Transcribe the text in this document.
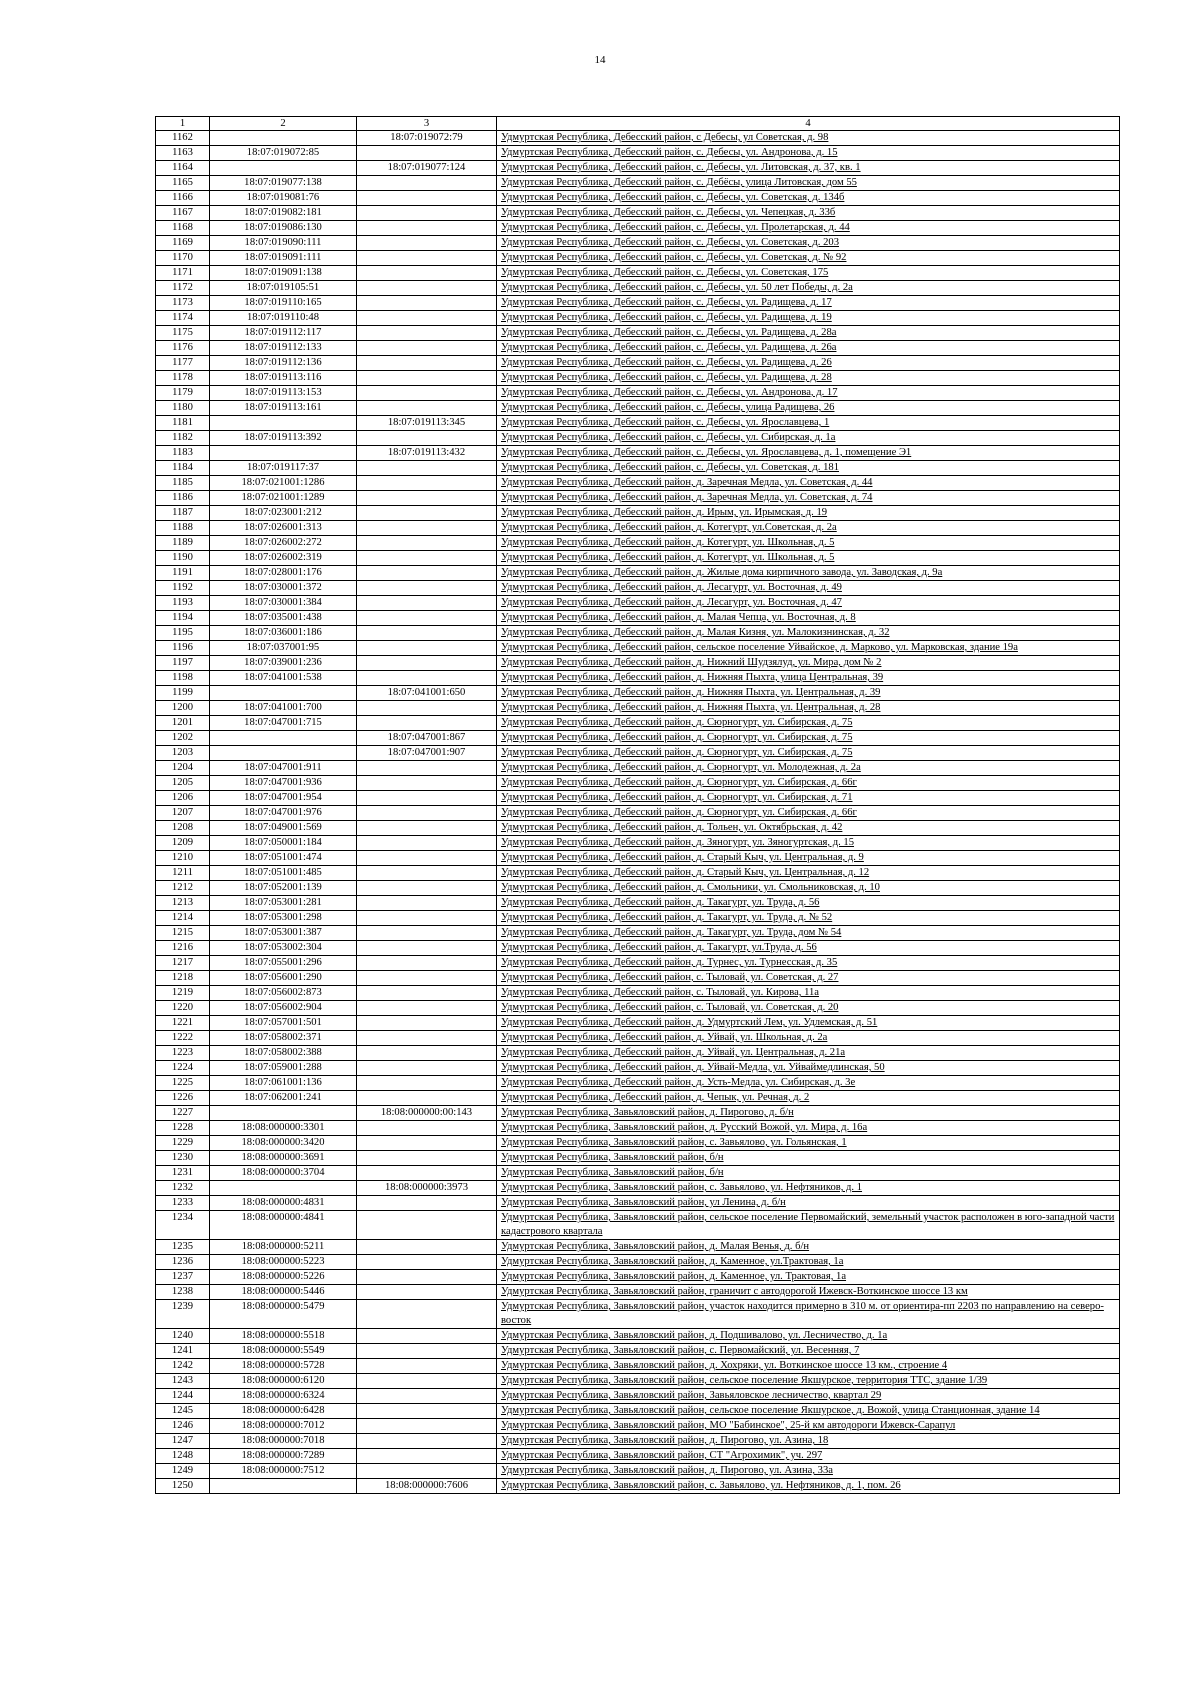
14
1	2	3	4
1162		18:07:019072:79	Удмуртская Республика, Дебесский район, с Дебесы, ул Советская, д. 98
1163	18:07:019072:85		Удмуртская Республика, Дебесский район, с. Дебесы, ул. Андронова, д. 15
1164		18:07:019077:124	Удмуртская Республика, Дебесский район, с. Дебесы, ул. Литовская, д. 37, кв. 1
1165	18:07:019077:138		Удмуртская Республика, Дебесский район, с. Дебёсы, улица Литовская, дом 55
1166	18:07:019081:76		Удмуртская Республика, Дебесский район, с. Дебесы, ул. Советская, д. 134б
1167	18:07:019082:181		Удмуртская Республика, Дебесский район, с. Дебесы, ул. Чепецкая, д. 33б
1168	18:07:019086:130		Удмуртская Республика, Дебесский район, с. Дебесы, ул. Пролетарская, д. 44
1169	18:07:019090:111		Удмуртская Республика, Дебесский район, с. Дебесы, ул. Советская, д. 203
1170	18:07:019091:111		Удмуртская Республика, Дебесский район, с. Дебесы, ул. Советская, д. № 92
1171	18:07:019091:138		Удмуртская Республика, Дебесский район, с. Дебесы, ул. Советская, 175
1172	18:07:019105:51		Удмуртская Республика, Дебесский район, с. Дебесы, ул. 50 лет Победы, д. 2а
1173	18:07:019110:165		Удмуртская Республика, Дебесский район, с. Дебесы, ул. Радищева, д. 17
1174	18:07:019110:48		Удмуртская Республика, Дебесский район, с. Дебесы, ул. Радищева, д. 19
1175	18:07:019112:117		Удмуртская Республика, Дебесский район, с. Дебесы, ул. Радищева, д. 28а
1176	18:07:019112:133		Удмуртская Республика, Дебесский район, с. Дебесы, ул. Радищева, д. 26а
1177	18:07:019112:136		Удмуртская Республика, Дебесский район, с. Дебесы, ул. Радищева, д. 26
1178	18:07:019113:116		Удмуртская Республика, Дебесский район, с. Дебесы, ул. Радищева, д. 28
1179	18:07:019113:153		Удмуртская Республика, Дебесский район, с. Дебесы, ул. Андронова, д. 17
1180	18:07:019113:161		Удмуртская Республика, Дебесский район, с. Дебесы, улица Радищева, 26
1181		18:07:019113:345	Удмуртская Республика, Дебесский район, с. Дебесы, ул. Ярославцева, 1
1182	18:07:019113:392		Удмуртская Республика, Дебесский район, с. Дебесы, ул. Сибирская, д. 1а
1183		18:07:019113:432	Удмуртская Республика, Дебесский район, с. Дебесы, ул. Ярославцева, д. 1, помещение Э1
1184	18:07:019117:37		Удмуртская Республика, Дебесский район, с. Дебесы, ул. Советская, д. 181
1185	18:07:021001:1286		Удмуртская Республика, Дебесский район, д. Заречная Медла, ул. Советская, д. 44
1186	18:07:021001:1289		Удмуртская Республика, Дебесский район, д. Заречная Медла, ул. Советская, д. 74
1187	18:07:023001:212		Удмуртская Республика, Дебесский район, д. Ирым, ул. Ирымская, д. 19
1188	18:07:026001:313		Удмуртская Республика, Дебесский район, д. Котегурт, ул.Советская, д. 2а
1189	18:07:026002:272		Удмуртская Республика, Дебесский район, д. Котегурт, ул. Школьная, д. 5
1190	18:07:026002:319		Удмуртская Республика, Дебесский район, д. Котегурт, ул. Школьная, д. 5
1191	18:07:028001:176		Удмуртская Республика, Дебесский район, д. Жилые дома кирпичного завода, ул. Заводская, д. 9а
1192	18:07:030001:372		Удмуртская Республика, Дебесский район, д. Лесагурт, ул. Восточная, д. 49
1193	18:07:030001:384		Удмуртская Республика, Дебесский район, д. Лесагурт, ул. Восточная, д. 47
1194	18:07:035001:438		Удмуртская Республика, Дебесский район, д. Малая Чепца, ул. Восточная, д. 8
1195	18:07:036001:186		Удмуртская Республика, Дебесский район, д. Малая Кизня, ул. Малокизнинская, д. 32
1196	18:07:037001:95		Удмуртская Республика, Дебесский район, сельское поселение Уйвайское, д. Марково, ул. Марковская, здание 19а
1197	18:07:039001:236		Удмуртская Республика, Дебесский район, д. Нижний Шудзялуд, ул. Мира, дом № 2
1198	18:07:041001:538		Удмуртская Республика, Дебесский район, д. Нижняя Пыхта, улица Центральная, 39
1199		18:07:041001:650	Удмуртская Республика, Дебесский район, д. Нижняя Пыхта, ул. Центральная, д. 39
1200	18:07:041001:700		Удмуртская Республика, Дебесский район, д. Нижняя Пыхта, ул. Центральная, д. 28
1201	18:07:047001:715		Удмуртская Республика, Дебесский район, д. Сюрногурт, ул. Сибирская, д. 75
1202		18:07:047001:867	Удмуртская Республика, Дебесский район, д. Сюрногурт, ул. Сибирская, д. 75
1203		18:07:047001:907	Удмуртская Республика, Дебесский район, д. Сюрногурт, ул. Сибирская, д. 75
1204	18:07:047001:911		Удмуртская Республика, Дебесский район, д. Сюрногурт, ул. Молодежная, д. 2а
1205	18:07:047001:936		Удмуртская Республика, Дебесский район, д. Сюрногурт, ул. Сибирская, д. 66г
1206	18:07:047001:954		Удмуртская Республика, Дебесский район, д. Сюрногурт, ул. Сибирская, д. 71
1207	18:07:047001:976		Удмуртская Республика, Дебесский район, д. Сюрногурт, ул. Сибирская, д. 66г
1208	18:07:049001:569		Удмуртская Республика, Дебесский район, д. Тольен, ул. Октябрьская, д. 42
1209	18:07:050001:184		Удмуртская Республика, Дебесский район, д. Зяногурт, ул. Зяногуртская, д. 15
1210	18:07:051001:474		Удмуртская Республика, Дебесский район, д. Старый Кыч, ул. Центральная, д. 9
1211	18:07:051001:485		Удмуртская Республика, Дебесский район, д. Старый Кыч, ул. Центральная, д. 12
1212	18:07:052001:139		Удмуртская Республика, Дебесский район, д. Смольники, ул. Смольниковская, д. 10
1213	18:07:053001:281		Удмуртская Республика, Дебесский район, д. Такагурт, ул. Труда, д. 56
1214	18:07:053001:298		Удмуртская Республика, Дебесский район, д. Такагурт, ул. Труда, д. № 52
1215	18:07:053001:387		Удмуртская Республика, Дебесский район, д. Такагурт, ул. Труда, дом № 54
1216	18:07:053002:304		Удмуртская Республика, Дебесский район, д. Такагурт, ул.Труда, д. 56
1217	18:07:055001:296		Удмуртская Республика, Дебесский район, д. Турнес, ул. Турнесская, д. 35
1218	18:07:056001:290		Удмуртская Республика, Дебесский район, с. Тыловай, ул. Советская, д. 27
1219	18:07:056002:873		Удмуртская Республика, Дебесский район, с. Тыловай, ул. Кирова, 11а
1220	18:07:056002:904		Удмуртская Республика, Дебесский район, с. Тыловай, ул. Советская, д. 20
1221	18:07:057001:501		Удмуртская Республика, Дебесский район, д. Удмуртский Лем, ул. Удлемская, д. 51
1222	18:07:058002:371		Удмуртская Республика, Дебесский район, д. Уйвай, ул. Школьная, д. 2а
1223	18:07:058002:388		Удмуртская Республика, Дебесский район, д. Уйвай, ул. Центральная, д. 21а
1224	18:07:059001:288		Удмуртская Республика, Дебесский район, д. Уйвай-Медла, ул. Уйваймедлинская, 50
1225	18:07:061001:136		Удмуртская Республика, Дебесский район, д. Усть-Медла, ул. Сибирская, д. 3е
1226	18:07:062001:241		Удмуртская Республика, Дебесский район, д. Чепык, ул. Речная, д. 2
1227		18:08:000000:00:143	Удмуртская Республика, Завьяловский район, д. Пирогово, д. б/н
1228	18:08:000000:3301		Удмуртская Республика, Завьяловский район, д. Русский Вожой, ул. Мира, д. 16а
1229	18:08:000000:3420		Удмуртская Республика, Завьяловский район, с. Завьялово, ул. Гольянская, 1
1230	18:08:000000:3691		Удмуртская Республика, Завьяловский район, б/н
1231	18:08:000000:3704		Удмуртская Республика, Завьяловский район, б/н
1232		18:08:000000:3973	Удмуртская Республика, Завьяловский район, с. Завьялово, ул. Нефтяников, д. 1
1233	18:08:000000:4831		Удмуртская Республика, Завьяловский район, ул Ленина, д. б/н
1234	18:08:000000:4841		Удмуртская Республика, Завьяловский район, сельское поселение Первомайский, земельный участок расположен в юго-западной части кадастрового квартала
1235	18:08:000000:5211		Удмуртская Республика, Завьяловский район, д. Малая Венья, д. б/н
1236	18:08:000000:5223		Удмуртская Республика, Завьяловский район, д. Каменное, ул.Трактовая, 1а
1237	18:08:000000:5226		Удмуртская Республика, Завьяловский район, д. Каменное, ул. Трактовая, 1а
1238	18:08:000000:5446		Удмуртская Республика, Завьяловский район, граничит с автодорогой Ижевск-Воткинское шоссе 13 км
1239	18:08:000000:5479		Удмуртская Республика, Завьяловский район, участок находится примерно в 310 м. от ориентира-пп 2203 по направлению на северо-восток
1240	18:08:000000:5518		Удмуртская Республика, Завьяловский район, д. Подшивалово, ул. Лесничество, д. 1а
1241	18:08:000000:5549		Удмуртская Республика, Завьяловский район, с. Первомайский, ул. Весенняя, 7
1242	18:08:000000:5728		Удмуртская Республика, Завьяловский район, д. Хохряки, ул. Воткинское шоссе 13 км., строение 4
1243	18:08:000000:6120		Удмуртская Республика, Завьяловский район, сельское поселение Якшурское, территория ТТС, здание 1/39
1244	18:08:000000:6324		Удмуртская Республика, Завьяловский район, Завьяловское лесничество, квартал 29
1245	18:08:000000:6428		Удмуртская Республика, Завьяловский район, сельское поселение Якшурское, д. Вожой, улица Станционная, здание 14
1246	18:08:000000:7012		Удмуртская Республика, Завьяловский район, МО "Бабинское", 25-й км автодороги Ижевск-Сарапул
1247	18:08:000000:7018		Удмуртская Республика, Завьяловский район, д. Пирогово, ул. Азина, 18
1248	18:08:000000:7289		Удмуртская Республика, Завьяловский район, СТ "Агрохимик", уч. 297
1249	18:08:000000:7512		Удмуртская Республика, Завьяловский район, д. Пирогово, ул. Азина, 33а
1250		18:08:000000:7606	Удмуртская Республика, Завьяловский район, с. Завьялово, ул. Нефтяников, д. 1, пом. 26
